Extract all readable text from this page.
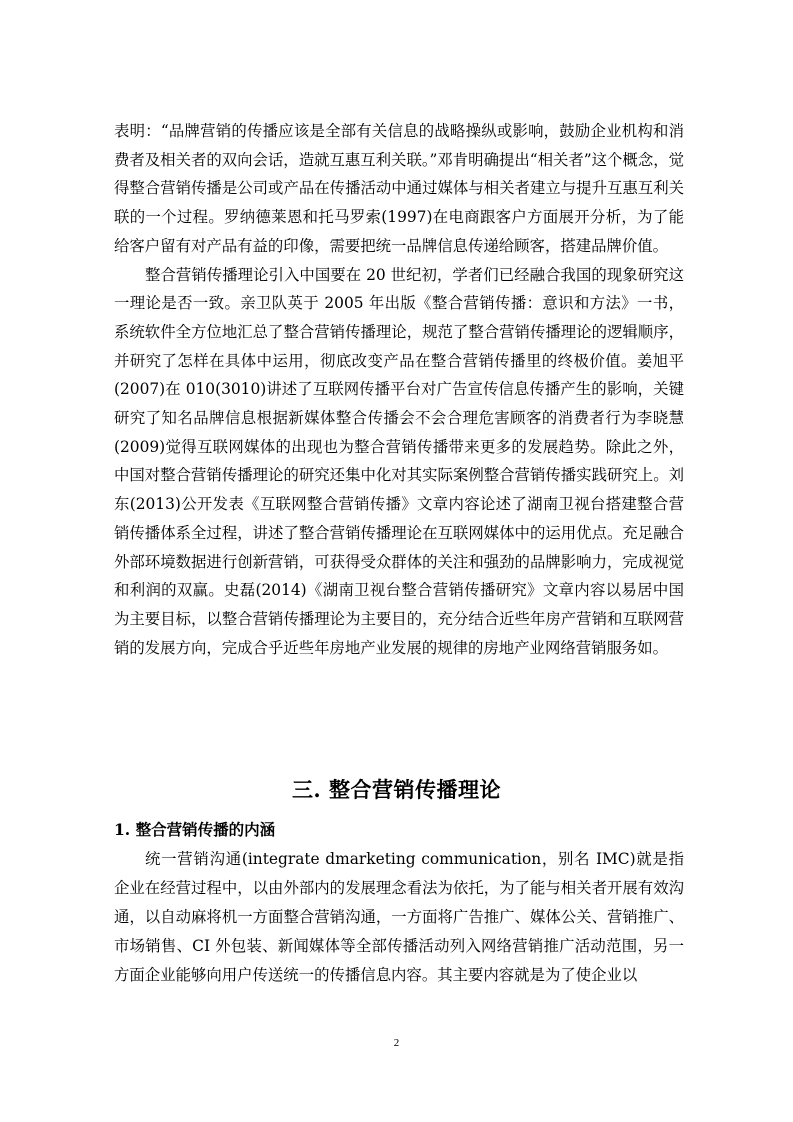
表明：“品牌营销的传播应该是全部有关信息的战略操纵或影响，鼓励企业机构和消费者及相关者的双向会话，造就互惠互利关联。”邓肯明确提出“相关者”这个概念，觉得整合营销传播是公司或产品在传播活动中通过媒体与相关者建立与提升互惠互利关联的一个过程。罗纳德莱恩和托马罗索(1997)在电商跟客户方面展开分析，为了能给客户留有对产品有益的印像，需要把统一品牌信息传递给顾客，搭建品牌价值。

整合营销传播理论引入中国要在 20 世纪初，学者们已经融合我国的现象研究这一理论是否一致。亲卫队英于 2005 年出版《整合营销传播：意识和方法》一书，系统软件全方位地汇总了整合营销传播理论，规范了整合营销传播理论的逻辑顺序，并研究了怎样在具体中运用，彻底改变产品在整合营销传播里的终极价值。姜旭平(2007)在 010(3010)讲述了互联网传播平台对广告宣传信息传播产生的影响，关键研究了知名品牌信息根据新媒体整合传播会不会合理危害顾客的消费者行为李晓慧(2009)觉得互联网媒体的出现也为整合营销传播带来更多的发展趋势。除此之外，中国对整合营销传播理论的研究还集中化对其实际案例整合营销传播实践研究上。刘东(2013)公开发表《互联网整合营销传播》文章内容论述了湖南卫视台搭建整合营销传播体系全过程，讲述了整合营销传播理论在互联网媒体中的运用优点。充足融合外部环境数据进行创新营销，可获得受众群体的关注和强劲的品牌影响力，完成视觉和利润的双赢。史磊(2014)《湖南卫视台整合营销传播研究》文章内容以易居中国为主要目标，以整合营销传播理论为主要目的，充分结合近些年房产营销和互联网营销的发展方向，完成合乎近些年房地产业发展的规律的房地产业网络营销服务如。

三. 整合营销传播理论
1. 整合营销传播的内涵

统一营销沟通(integrate dmarketing communication，别名 IMC)就是指企业在经营过程中，以由外部内的发展理念看法为依托，为了能与相关者开展有效沟通，以自动麻将机一方面整合营销沟通，一方面将广告推广、媒体公关、营销推广、市场销售、CI 外包装、新闻媒体等全部传播活动列入网络营销推广活动范围，另一方面企业能够向用户传送统一的传播信息内容。其主要内容就是为了使企业以

2
